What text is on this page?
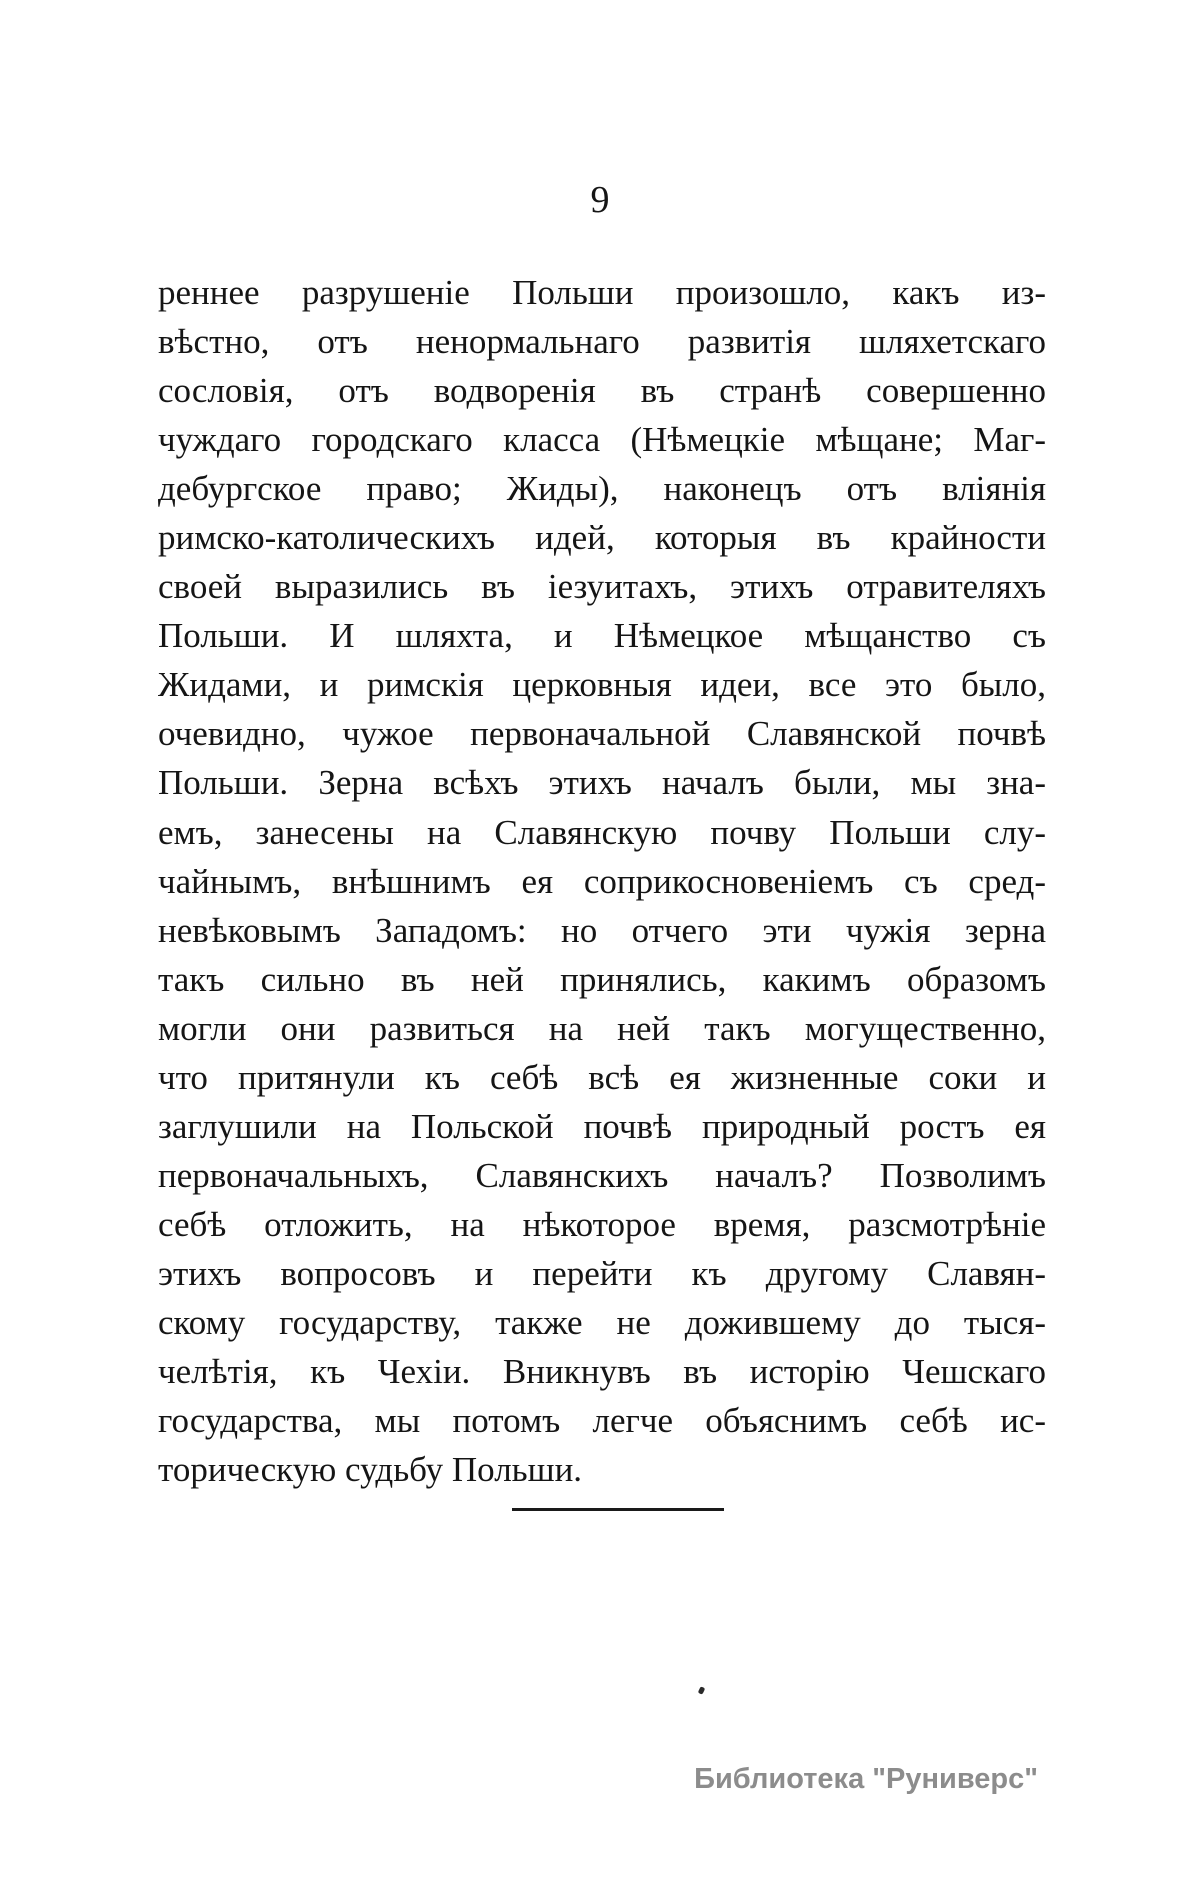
9
реннее разрушеніе Польши произошло, какъ из-
вѣстно, отъ ненормальнаго развитія шляхетскаго
сословія, отъ водворенія въ странѣ совершенно
чуждаго городскаго класса (Нѣмецкіе мѣщане; Маг-
дебургское право; Жиды), наконецъ отъ вліянія
римско-католическихъ идей, которыя въ крайности
своей выразились въ іезуитахъ, этихъ отравителяхъ
Польши. И шляхта, и Нѣмецкое мѣщанство съ
Жидами, и римскія церковныя идеи, все это было,
очевидно, чужое первоначальной Славянской почвѣ
Польши. Зерна всѣхъ этихъ началъ были, мы зна-
емъ, занесены на Славянскую почву Польши слу-
чайнымъ, внѣшнимъ ея соприкосновеніемъ съ сред-
невѣковымъ Западомъ: но отчего эти чужія зерна
такъ сильно въ ней принялись, какимъ образомъ
могли они развиться на ней такъ могущественно,
что притянули къ себѣ всѣ ея жизненные соки и
заглушили на Польской почвѣ природный ростъ ея
первоначальныхъ, Славянскихъ началъ? Позволимъ
себѣ отложить, на нѣкоторое время, разсмотрѣніе
этихъ вопросовъ и перейти къ другому Славян-
скому государству, также не дожившему до тыся-
челѣтія, къ Чехіи. Вникнувъ въ исторію Чешскаго
государства, мы потомъ легче объяснимъ себѣ ис-
торическую судьбу Польши.
Библиотека "Руниверс"
